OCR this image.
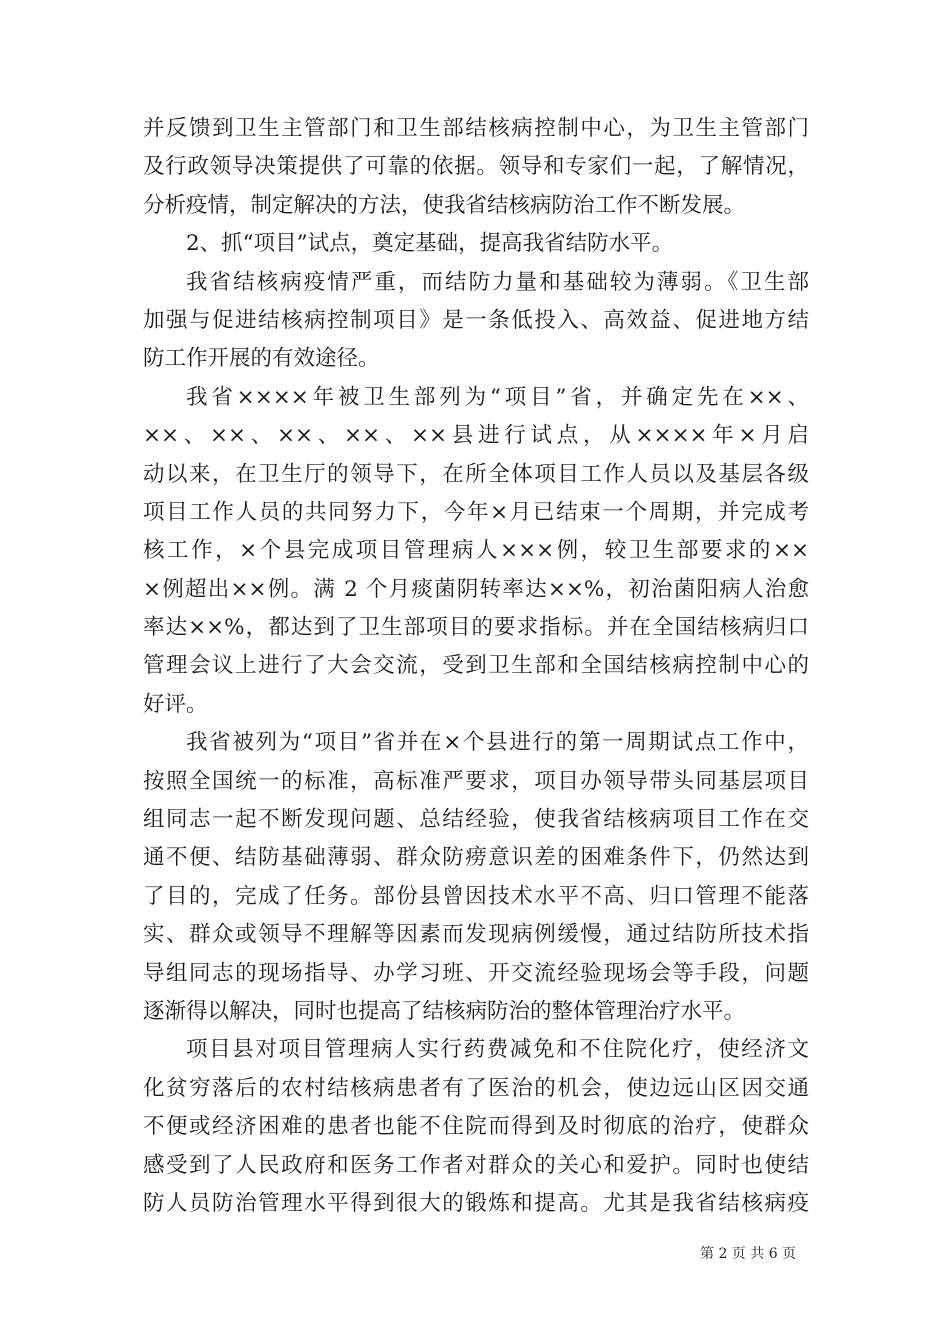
并反馈到卫生主管部门和卫生部结核病控制中心，为卫生主管部门
及行政领导决策提供了可靠的依据。领导和专家们一起，了解情况，
分析疫情，制定解决的方法，使我省结核病防治工作不断发展。
2、抓“项目”试点，奠定基础，提高我省结防水平。
我省结核病疫情严重，而结防力量和基础较为薄弱。《卫生部
加强与促进结核病控制项目》是一条低投入、高效益、促进地方结
防工作开展的有效途径。
我省××××年被卫生部列为“项目”省，并确定先在××、
××、××、××、××、××县进行试点，从××××年×月启
动以来，在卫生厅的领导下，在所全体项目工作人员以及基层各级
项目工作人员的共同努力下，今年×月已结束一个周期，并完成考
核工作，×个县完成项目管理病人×××例，较卫生部要求的××
×例超出××例。满 2 个月痰菌阴转率达××%，初治菌阳病人治愈
率达××%，都达到了卫生部项目的要求指标。并在全国结核病归口
管理会议上进行了大会交流，受到卫生部和全国结核病控制中心的
好评。
我省被列为“项目”省并在×个县进行的第一周期试点工作中，
按照全国统一的标准，高标准严要求，项目办领导带头同基层项目
组同志一起不断发现问题、总结经验，使我省结核病项目工作在交
通不便、结防基础薄弱、群众防痨意识差的困难条件下，仍然达到
了目的，完成了任务。部份县曾因技术水平不高、归口管理不能落
实、群众或领导不理解等因素而发现病例缓慢，通过结防所技术指
导组同志的现场指导、办学习班、开交流经验现场会等手段，问题
逐渐得以解决，同时也提高了结核病防治的整体管理治疗水平。
项目县对项目管理病人实行药费减免和不住院化疗，使经济文
化贫穷落后的农村结核病患者有了医治的机会，使边远山区因交通
不便或经济困难的患者也能不住院而得到及时彻底的治疗，使群众
感受到了人民政府和医务工作者对群众的关心和爱护。同时也使结
防人员防治管理水平得到很大的锻炼和提高。尤其是我省结核病疫
第 2 页 共 6 页
